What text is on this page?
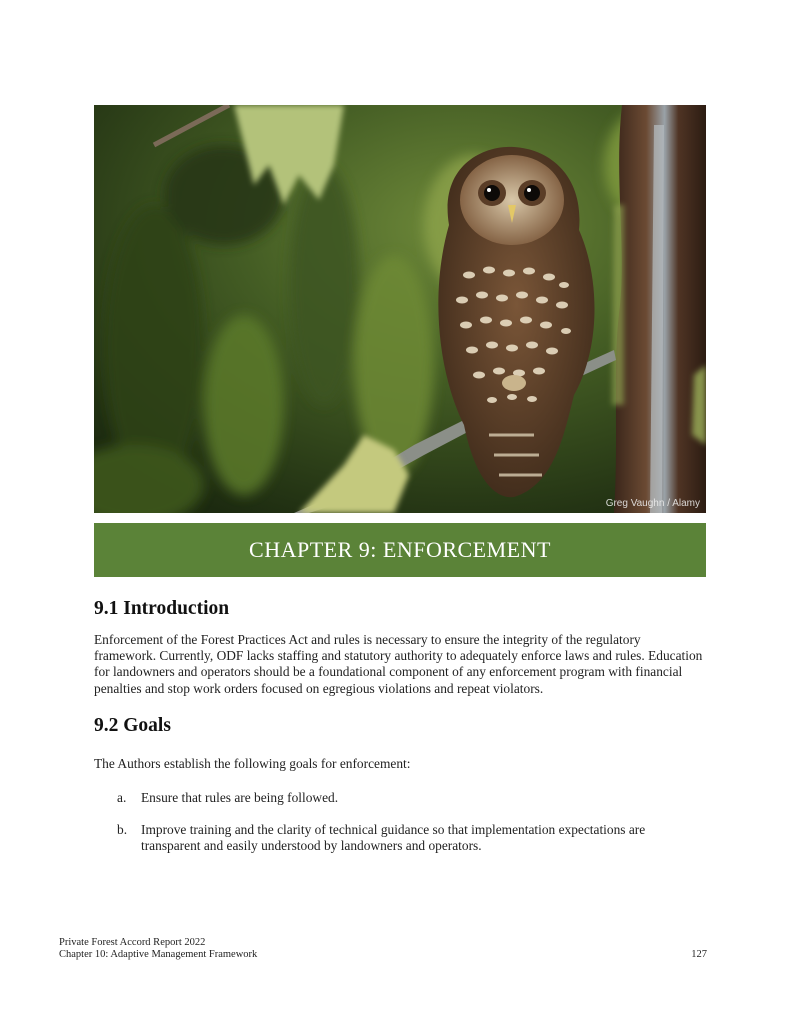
Greg Vaughn / Alamy
CHAPTER 9: ENFORCEMENT
9.1 Introduction

Enforcement of the Forest Practices Act and rules is necessary to ensure the integrity of the regulatory framework. Currently, ODF lacks staffing and statutory authority to adequately enforce laws and rules. Education for landowners and operators should be a foundational component of any enforcement program with financial penalties and stop work orders focused on egregious violations and repeat violators.

9.2 Goals

The Authors establish the following goals for enforcement:

a.	Ensure that rules are being followed.
b.	Improve training and the clarity of technical guidance so that implementation expectations are transparent and easily understood by landowners and operators.
Private Forest Accord Report 2022
Chapter 10: Adaptive Management Framework	127
